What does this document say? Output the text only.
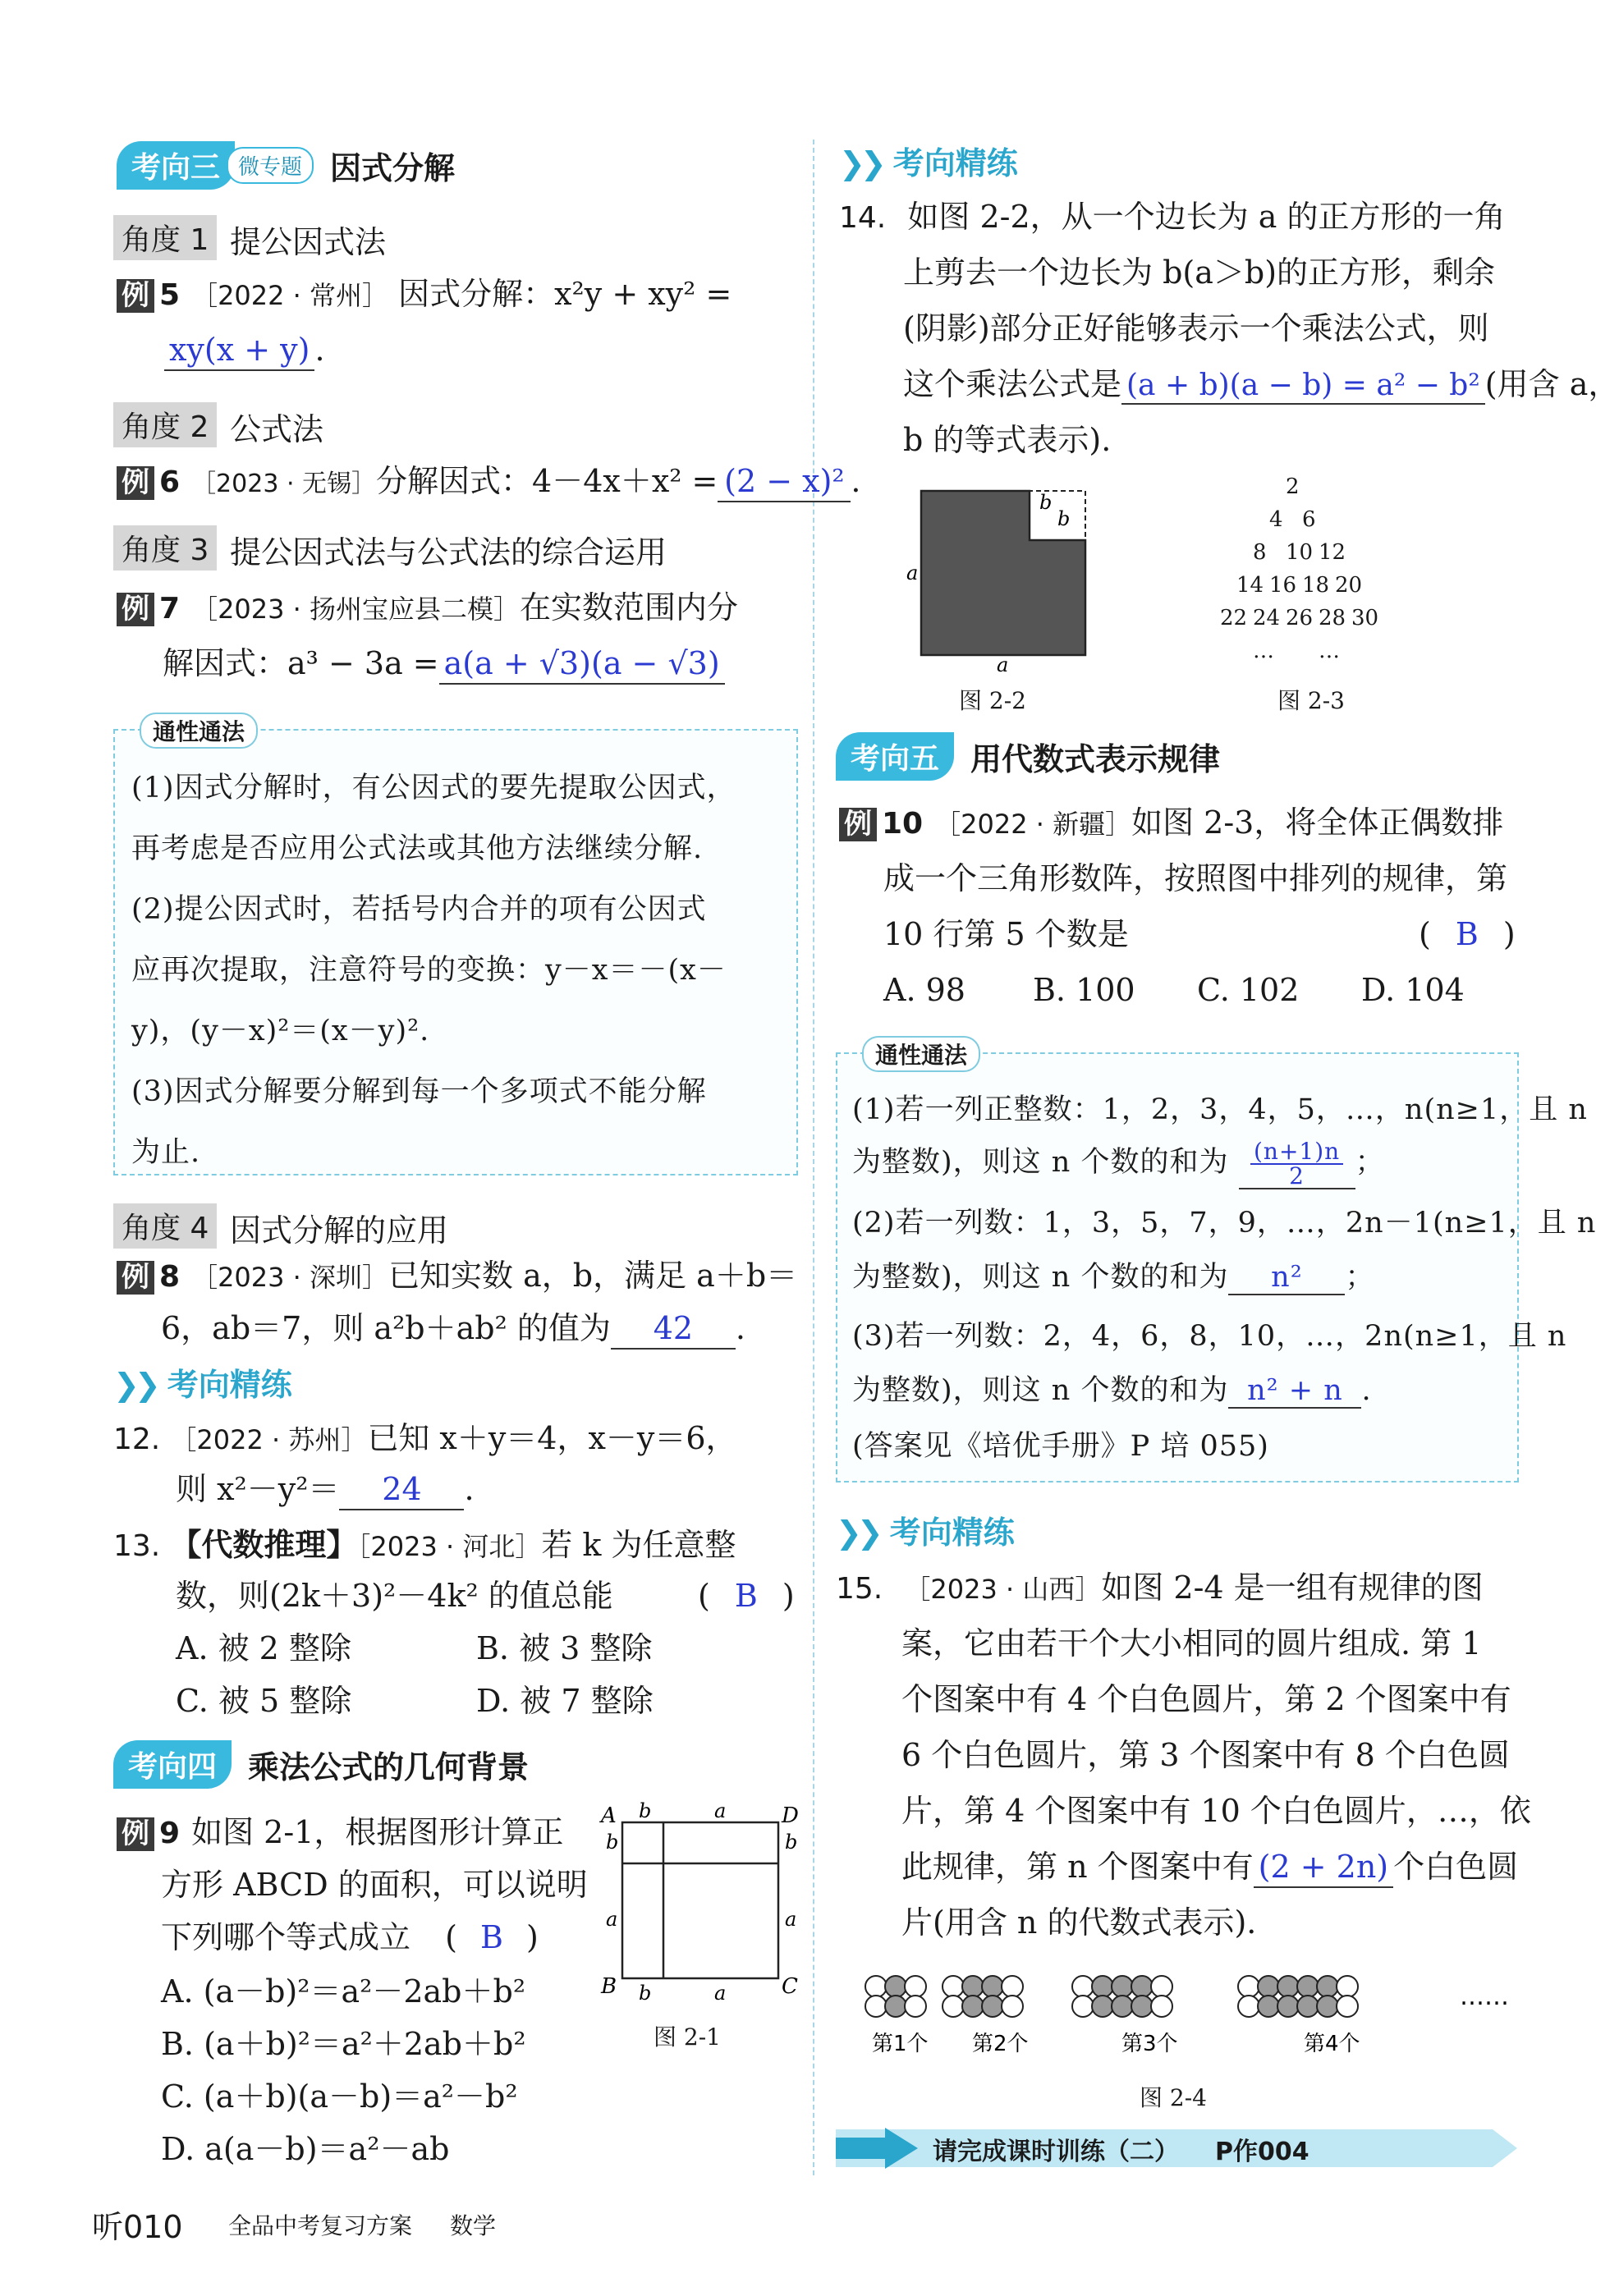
考向三 微专题 因式分解
角度 1 提公因式法
例 5 ［2022 · 常州］ 因式分解：x²y + xy² =
xy(x + y) .
角度 2 公式法
例 6 ［2023 · 无锡］分解因式：4－4x＋x² = (2 − x)² .
角度 3 提公因式法与公式法的综合运用
例 7 ［2023 · 扬州宝应县二模］在实数范围内分
解因式：a³ − 3a = a(a + √3)(a − √3)
通性通法
(1)因式分解时，有公因式的要先提取公因式，
再考虑是否应用公式法或其他方法继续分解.
(2)提公因式时，若括号内合并的项有公因式
应再次提取，注意符号的变换：y－x＝－(x－
y)，(y－x)²＝(x－y)².
(3)因式分解要分解到每一个多项式不能分解
为止.
角度 4 因式分解的应用
例 8 ［2023 · 深圳］已知实数 a，b，满足 a＋b＝
6，ab＝7，则 a²b＋ab² 的值为 42 .
❯❯ 考向精练
12. ［2022 · 苏州］已知 x＋y＝4，x－y＝6，
则 x²－y²＝ 24 .
13. 【代数推理】［2023 · 河北］若 k 为任意整
数，则(2k＋3)²－4k² 的值总能	( B )
A. 被 2 整除	B. 被 3 整除
C. 被 5 整除	D. 被 7 整除
考向四	乘法公式的几何背景
例 9 如图 2-1，根据图形计算正
方形 ABCD 的面积，可以说明
下列哪个等式成立 ( B )
A. (a－b)²＝a²－2ab＋b²
B. (a＋b)²＝a²＋2ab＋b²
C. (a＋b)(a－b)＝a²－b²
D. a(a－b)＝a²－ab
A	D
B	C
b	a
b
a
b
a
b	a
图 2-1
❯❯ 考向精练
14. 如图 2-2，从一个边长为 a 的正方形的一角
上剪去一个边长为 b(a＞b)的正方形，剩余
(阴影)部分正好能够表示一个乘法公式，则
这个乘法公式是 (a + b)(a − b) = a² − b² (用含 a，
b 的等式表示).
b
b
a
a
图 2-2
2
4 6
8 10 12
14 16 18 20
22 24 26 28 30
… …
图 2-3
考向五	用代数式表示规律
例 10 ［2022 · 新疆］如图 2-3，将全体正偶数排
成一个三角形数阵，按照图中排列的规律，第
10 行第 5 个数是	( B )
A. 98 B. 100 C. 102 D. 104
通性通法
(1)若一列正整数：1，2，3，4，5，…，n(n≥1，且 n
为整数)，则这 n 个数的和为 $\frac{(n+1)n}{2}$ ；
(2)若一列数：1，3，5，7，9，…，2n－1(n≥1，且 n
为整数)，则这 n 个数的和为 n² ；
(3)若一列数：2，4，6，8，10，…，2n(n≥1，且 n
为整数)，则这 n 个数的和为 n² + n .
(答案见《培优手册》P 培 055)
❯❯ 考向精练
15. ［2023 · 山西］如图 2-4 是一组有规律的图
案，它由若干个大小相同的圆片组成. 第 1
个图案中有 4 个白色圆片，第 2 个图案中有
6 个白色圆片，第 3 个图案中有 8 个白色圆
片，第 4 个图案中有 10 个白色圆片，…，依
此规律，第 n 个图案中有 (2 + 2n) 个白色圆
片(用含 n 的代数式表示).
……
第1个 第2个	第3个	第4个
图 2-4
请完成课时训练（二） P作004
听010 全品中考复习方案 数学
